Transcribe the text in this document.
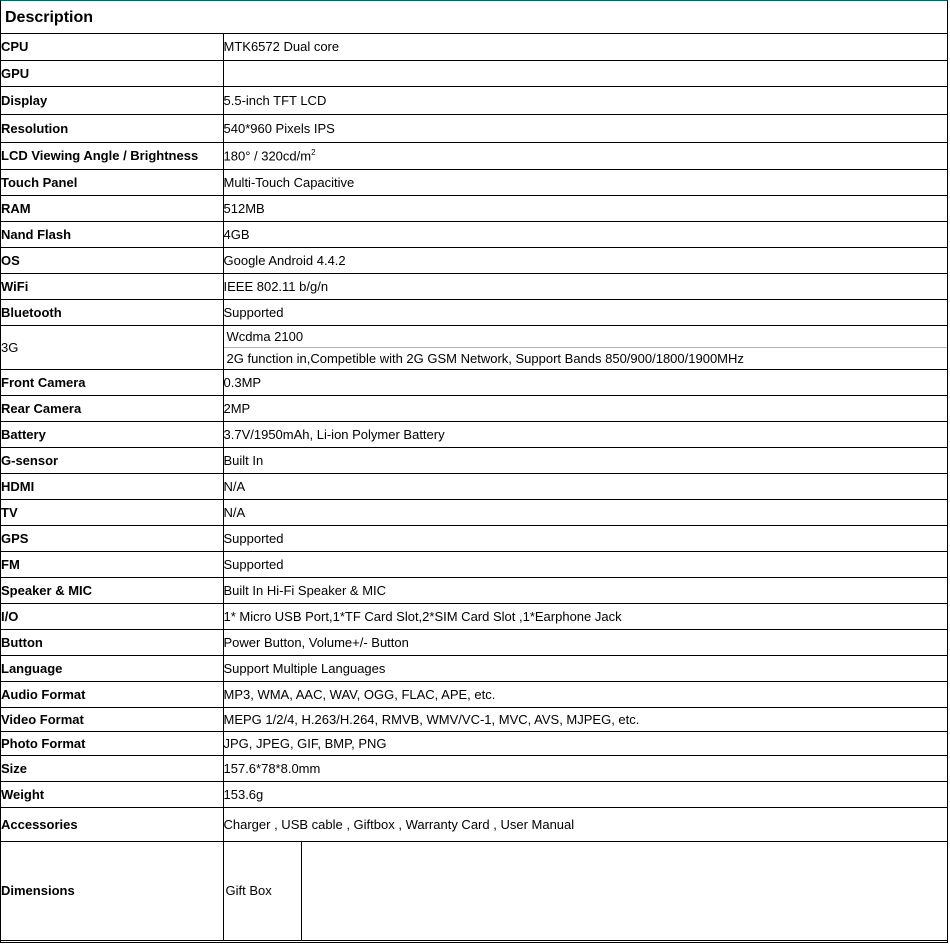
Description
CPU	MTK6572 Dual core
GPU	
Display	5.5-inch TFT LCD
Resolution	540*960 Pixels IPS
LCD Viewing Angle / Brightness	$180^\circ / 320cd/m^2$
Touch Panel	Multi-Touch Capacitive
RAM	512MB
Nand Flash	4GB
OS	Google Android 4.4.2
WiFi	IEEE 802.11 b/g/n
Bluetooth	Supported
3G	Wcdma 2100
2G function in,Competible with 2G GSM Network, Support Bands 850/900/1800/1900MHz

Front Camera	0.3MP
Rear Camera	2MP
Battery	3.7V/1950mAh, Li-ion Polymer Battery
G-sensor	Built In
HDMI	N/A
TV	N/A
GPS	Supported
FM	Supported
Speaker & MIC	Built In Hi-Fi Speaker & MIC
I/O	1* Micro USB Port,1*TF Card Slot,2*SIM Card Slot ,1*Earphone Jack
Button	Power Button, Volume+/- Button
Language	Support Multiple Languages
Audio Format	MP3, WMA, AAC, WAV, OGG, FLAC, APE, etc.
Video Format	MEPG 1/2/4, H.263/H.264, RMVB, WMV/VC-1, MVC, AVS, MJPEG, etc.
Photo Format	JPG, JPEG, GIF, BMP, PNG
Size	157.6*78*8.0mm
Weight	153.6g
Accessories	Charger , USB cable , Giftbox , Warranty Card , User Manual
Dimensions	Gift Box
